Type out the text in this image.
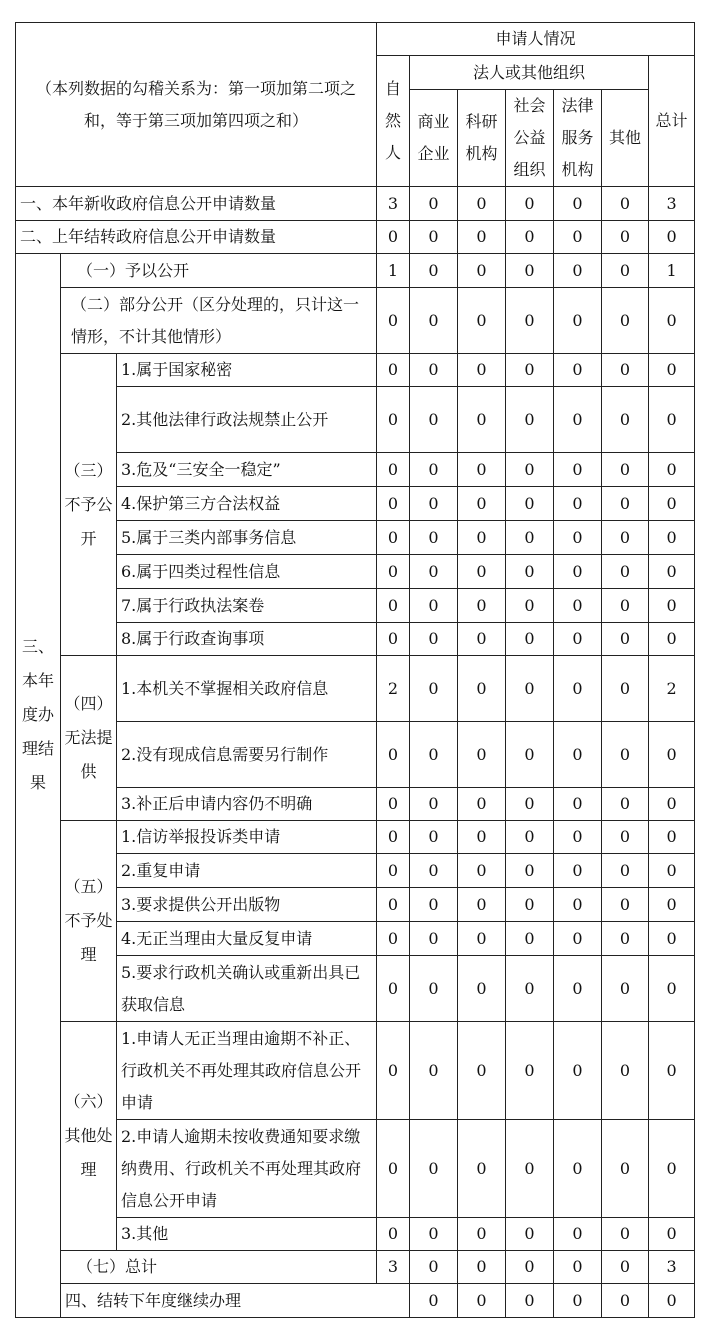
（本列数据的勾稽关系为：第一项加第二项之和，等于第三项加第四项之和）			申请人情况							
			自然人	法人或其他组织					总计	
				商业企业	科研机构	社会公益组织	法律服务机构	其他		
一、本年新收政府信息公开申请数量			3	0	0	0	0	0	3	
二、上年结转政府信息公开申请数量			0	0	0	0	0	0	0	
三、本年度办理结果	（一）予以公开		1	0	0	0	0	0	1	
	（二）部分公开（区分处理的，只计这一情形，不计其他情形）		0	0	0	0	0	0	0	
	（三）不予公开	1.属于国家秘密	0	0	0	0	0	0	0	
		2.其他法律行政法规禁止公开	0	0	0	0	0	0	0	
		3.危及“三安全一稳定”	0	0	0	0	0	0	0	
		4.保护第三方合法权益	0	0	0	0	0	0	0	
		5.属于三类内部事务信息	0	0	0	0	0	0	0	
		6.属于四类过程性信息	0	0	0	0	0	0	0	
		7.属于行政执法案卷	0	0	0	0	0	0	0	
		8.属于行政查询事项	0	0	0	0	0	0	0	
	（四）无法提供	1.本机关不掌握相关政府信息	2	0	0	0	0	0	2	
		2.没有现成信息需要另行制作	0	0	0	0	0	0	0	
		3.补正后申请内容仍不明确	0	0	0	0	0	0	0	
	（五）不予处理	1.信访举报投诉类申请	0	0	0	0	0	0	0	
		2.重复申请	0	0	0	0	0	0	0	
		3.要求提供公开出版物	0	0	0	0	0	0	0	
		4.无正当理由大量反复申请	0	0	0	0	0	0	0	
		5.要求行政机关确认或重新出具已获取信息	0	0	0	0	0	0	0	
	（六）其他处理	1.申请人无正当理由逾期不补正、行政机关不再处理其政府信息公开申请	0	0	0	0	0	0	0	
		2.申请人逾期未按收费通知要求缴纳费用、行政机关不再处理其政府信息公开申请	0	0	0	0	0	0	0	
		3.其他	0	0	0	0	0	0	0	
	（七）总计		3	0	0	0	0	0	3	
	四、结转下年度继续办理			0	0	0	0	0	0	
